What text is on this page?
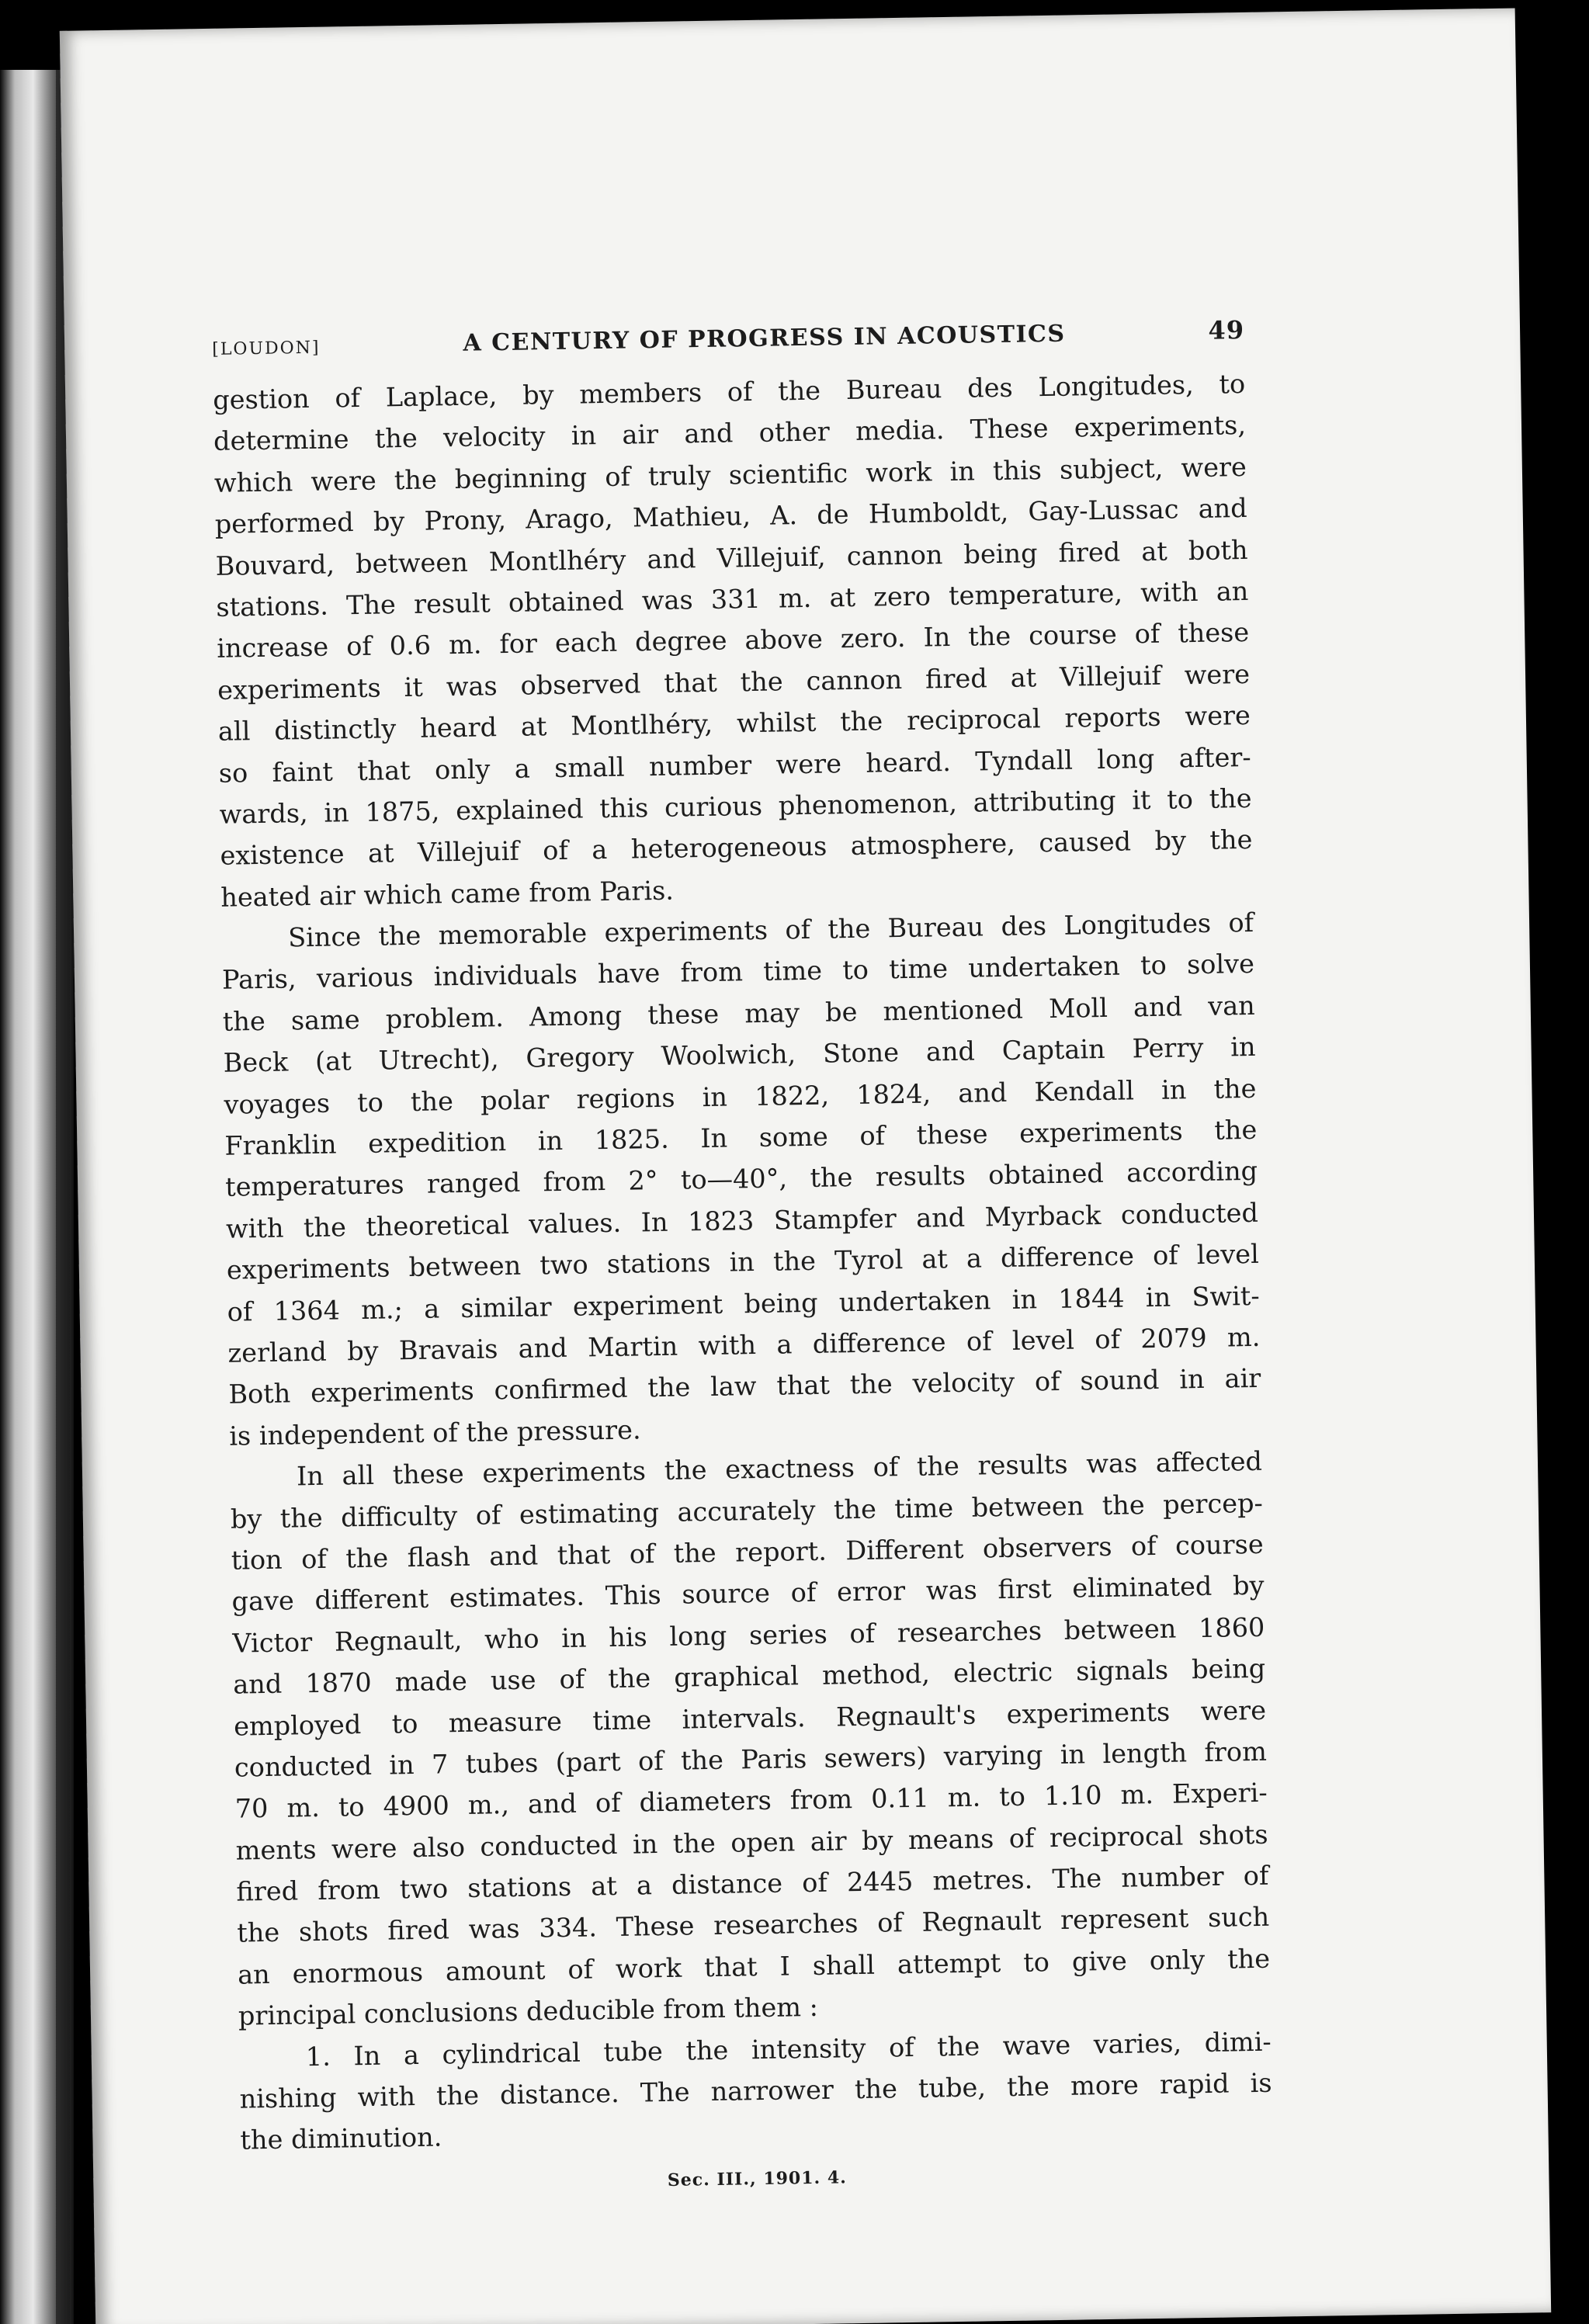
[LOUDON]	A CENTURY OF PROGRESS IN ACOUSTICS	49
gestion of Laplace, by members of the Bureau des Longitudes, to
determine the velocity in air and other media. These experiments,
which were the beginning of truly scientific work in this subject, were
performed by Prony, Arago, Mathieu, A. de Humboldt, Gay-Lussac and
Bouvard, between Montlhéry and Villejuif, cannon being fired at both
stations. The result obtained was 331 m. at zero temperature, with an
increase of 0.6 m. for each degree above zero. In the course of these
experiments it was observed that the cannon fired at Villejuif were
all distinctly heard at Montlhéry, whilst the reciprocal reports were
so faint that only a small number were heard. Tyndall long after-
wards, in 1875, explained this curious phenomenon, attributing it to the
existence at Villejuif of a heterogeneous atmosphere, caused by the
heated air which came from Paris.
Since the memorable experiments of the Bureau des Longitudes of
Paris, various individuals have from time to time undertaken to solve
the same problem. Among these may be mentioned Moll and van
Beck (at Utrecht), Gregory Woolwich, Stone and Captain Perry in
voyages to the polar regions in 1822, 1824, and Kendall in the
Franklin expedition in 1825. In some of these experiments the
temperatures ranged from 2° to—40°, the results obtained according
with the theoretical values. In 1823 Stampfer and Myrback conducted
experiments between two stations in the Tyrol at a difference of level
of 1364 m.; a similar experiment being undertaken in 1844 in Swit-
zerland by Bravais and Martin with a difference of level of 2079 m.
Both experiments confirmed the law that the velocity of sound in air
is independent of the pressure.
In all these experiments the exactness of the results was affected
by the difficulty of estimating accurately the time between the percep-
tion of the flash and that of the report. Different observers of course
gave different estimates. This source of error was first eliminated by
Victor Regnault, who in his long series of researches between 1860
and 1870 made use of the graphical method, electric signals being
employed to measure time intervals. Regnault's experiments were
conducted in 7 tubes (part of the Paris sewers) varying in length from
70 m. to 4900 m., and of diameters from 0.11 m. to 1.10 m. Experi-
ments were also conducted in the open air by means of reciprocal shots
fired from two stations at a distance of 2445 metres. The number of
the shots fired was 334. These researches of Regnault represent such
an enormous amount of work that I shall attempt to give only the
principal conclusions deducible from them :
1. In a cylindrical tube the intensity of the wave varies, dimi-
nishing with the distance. The narrower the tube, the more rapid is
the diminution.
Sec. III., 1901. 4.
